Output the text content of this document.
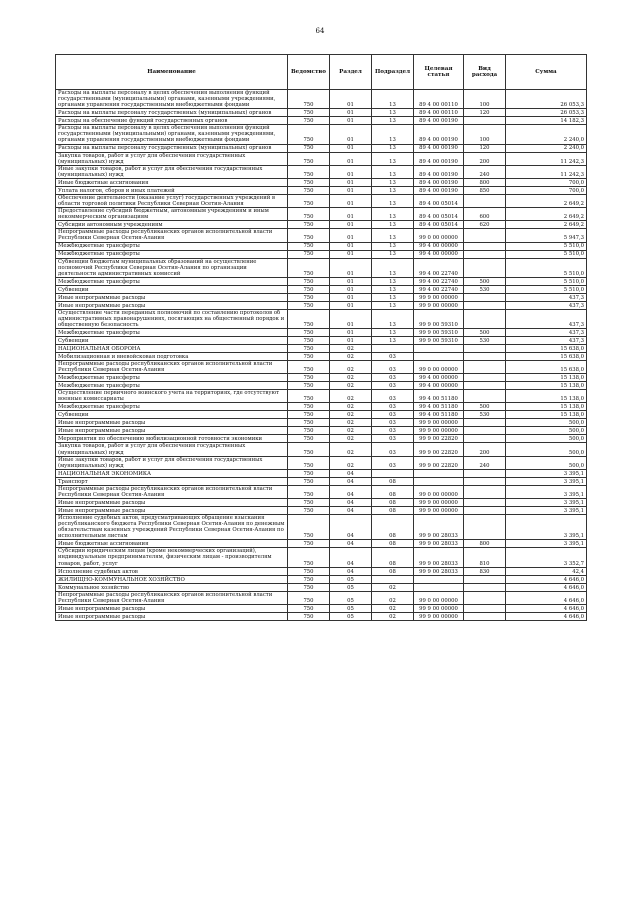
64
Наименование	Ведомство	Раздел	Подраздел	Целевая статья	Вид расхода	Сумма
Расходы на выплаты персоналу в целях обеспечения выполнения функций государственными (муниципальными) органами, казенными учреждениями, органами управления государственными внебюджетными фондами	750	01	13	89 4 00 00110	100	26 053,3
Расходы на выплаты персоналу государственных (муниципальных) органов	750	01	13	89 4 00 00110	120	26 053,3
Расходы на обеспечение функций государственных органов	750	01	13	89 4 00 00190		14 182,3
Расходы на выплаты персоналу в целях обеспечения выполнения функций государственными (муниципальными) органами, казенными учреждениями, органами управления государственными внебюджетными фондами	750	01	13	89 4 00 00190	100	2 240,0
Расходы на выплаты персоналу государственных (муниципальных) органов	750	01	13	89 4 00 00190	120	2 240,0
Закупка товаров, работ и услуг для обеспечения государственных (муниципальных) нужд	750	01	13	89 4 00 00190	200	11 242,3
Иные закупки товаров, работ и услуг для обеспечения государственных (муниципальных) нужд	750	01	13	89 4 00 00190	240	11 242,3
Иные бюджетные ассигнования	750	01	13	89 4 00 00190	800	700,0
Уплата налогов, сборов и иных платежей	750	01	13	89 4 00 00190	850	700,0
Обеспечение деятельности (оказание услуг) государственных учреждений в области торговой политики Республики Северная Осетия-Алания	750	01	13	89 4 00 05014		2 649,2
Предоставление субсидий бюджетным, автономным учреждениям и иным некоммерческим организациям	750	01	13	89 4 00 05014	600	2 649,2
Субсидии автономным учреждениям	750	01	13	89 4 00 05014	620	2 649,2
Непрограммные расходы республиканских органов исполнительной власти Республики Северная Осетия-Алания	750	01	13	99 0 00 00000		5 947,3
Межбюджетные трансферты	750	01	13	99 4 00 00000		5 510,0
Межбюджетные трансферты	750	01	13	99 4 00 00000		5 510,0
Субвенции бюджетам муниципальных образований на осуществление полномочий Республики Северная Осетия-Алания по организации деятельности административных комиссий	750	01	13	99 4 00 22740		5 510,0
Межбюджетные трансферты	750	01	13	99 4 00 22740	500	5 510,0
Субвенции	750	01	13	99 4 00 22740	530	5 510,0
Иные непрограммные расходы	750	01	13	99 9 00 00000		437,3
Иные непрограммные расходы	750	01	13	99 9 00 00000		437,3
Осуществление части переданных полномочий по составлению протоколов об административных правонарушениях, посягающих на общественный порядок и общественную безопасность	750	01	13	99 9 00 59310		437,3
Межбюджетные трансферты	750	01	13	99 9 00 59310	500	437,3
Субвенции	750	01	13	99 9 00 59310	530	437,3
НАЦИОНАЛЬНАЯ ОБОРОНА	750	02				15 638,0
Мобилизационная и вневойсковая подготовка	750	02	03			15 638,0
Непрограммные расходы республиканских органов исполнительной власти Республики Северная Осетия-Алания	750	02	03	99 0 00 00000		15 638,0
Межбюджетные трансферты	750	02	03	99 4 00 00000		15 138,0
Межбюджетные трансферты	750	02	03	99 4 00 00000		15 138,0
Осуществление первичного воинского учета на территориях, где отсутствуют военные комиссариаты	750	02	03	99 4 00 51180		15 138,0
Межбюджетные трансферты	750	02	03	99 4 00 51180	500	15 138,0
Субвенции	750	02	03	99 4 00 51180	530	15 138,0
Иные непрограммные расходы	750	02	03	99 9 00 00000		500,0
Иные непрограммные расходы	750	02	03	99 9 00 00000		500,0
Мероприятия по обеспечению мобилизационной готовности экономики	750	02	03	99 9 00 22820		500,0
Закупка товаров, работ и услуг для обеспечения государственных (муниципальных) нужд	750	02	03	99 9 00 22820	200	500,0
Иные закупки товаров, работ и услуг для обеспечения государственных (муниципальных) нужд	750	02	03	99 9 00 22820	240	500,0
НАЦИОНАЛЬНАЯ ЭКОНОМИКА	750	04				3 395,1
Транспорт	750	04	08			3 395,1
Непрограммные расходы республиканских органов исполнительной власти Республики Северная Осетия-Алания	750	04	08	99 0 00 00000		3 395,1
Иные непрограммные расходы	750	04	08	99 9 00 00000		3 395,1
Иные непрограммные расходы	750	04	08	99 9 00 00000		3 395,1
Исполнение судебных актов, предусматривающих обращение взыскания республиканского бюджета Республики Северная Осетия-Алания по денежным обязательствам казенных учреждений Республики Северная Осетия-Алания по исполнительным листам	750	04	08	99 9 00 28033		3 395,1
Иные бюджетные ассигнования	750	04	08	99 9 00 28033	800	3 395,1
Субсидии юридическим лицам (кроме некоммерческих организаций), индивидуальным предпринимателям, физическим лицам - производителям товаров, работ, услуг	750	04	08	99 9 00 28033	810	3 352,7
Исполнение судебных актов	750	04	08	99 9 00 28033	830	42,4
ЖИЛИЩНО-КОММУНАЛЬНОЕ ХОЗЯЙСТВО	750	05				4 646,0
Коммунальное хозяйство	750	05	02			4 646,0
Непрограммные расходы республиканских органов исполнительной власти Республики Северная Осетия-Алания	750	05	02	99 0 00 00000		4 646,0
Иные непрограммные расходы	750	05	02	99 9 00 00000		4 646,0
Иные непрограммные расходы	750	05	02	99 9 00 00000		4 646,0
